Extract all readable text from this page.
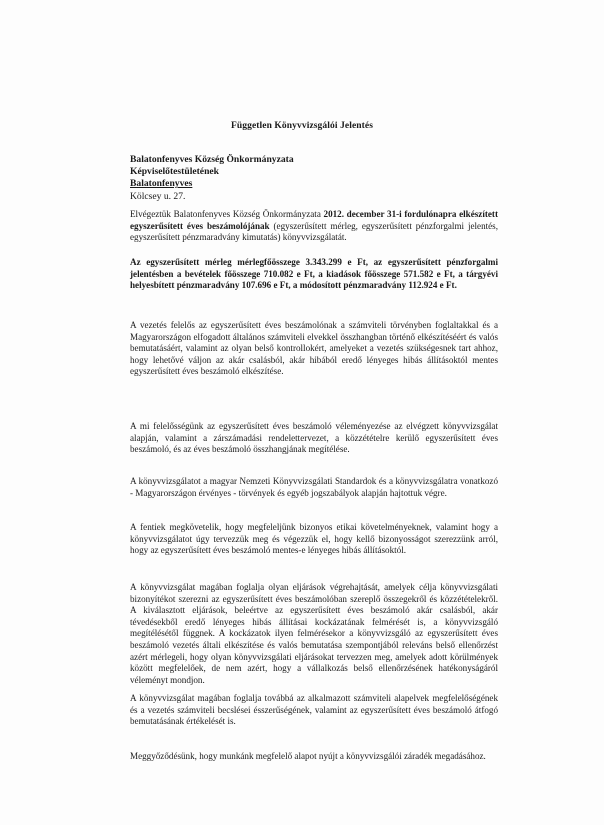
Független Könyvvizsgálói Jelentés
Balatonfenyves Község Önkormányzata
Képviselőtestületének
Balatonfenyves
Kölcsey u. 27.

Elvégeztük Balatonfenyves Község Önkormányzata 2012. december 31-i fordulónapra elkészített egyszerűsített éves beszámolójának (egyszerűsített mérleg, egyszerűsített pénzforgalmi jelentés, egyszerűsített pénzmaradvány kimutatás) könyvvizsgálatát.

Az egyszerűsített mérleg mérlegfőösszege 3.343.299 e Ft, az egyszerűsített pénzforgalmi jelentésben a bevételek főösszege 710.082 e Ft, a kiadások főösszege 571.582 e Ft, a tárgyévi helyesbített pénzmaradvány 107.696 e Ft, a módosított pénzmaradvány 112.924 e Ft.

A vezetés felelős az egyszerűsített éves beszámolónak a számviteli törvényben foglaltakkal és a Magyarországon elfogadott általános számviteli elvekkel összhangban történő elkészítéséért és valós bemutatásáért, valamint az olyan belső kontrollokért, amelyeket a vezetés szükségesnek tart ahhoz, hogy lehetővé váljon az akár csalásból, akár hibából eredő lényeges hibás állításoktól mentes egyszerűsített éves beszámoló elkészítése.

A mi felelősségünk az egyszerűsített éves beszámoló véleményezése az elvégzett könyvvizsgálat alapján, valamint a zárszámadási rendelettervezet, a közzétételre kerülő egyszerűsített éves beszámoló, és az éves beszámoló összhangjának megítélése.

A könyvvizsgálatot a magyar Nemzeti Könyvvizsgálati Standardok és a könyvvizsgálatra vonatkozó - Magyarországon érvényes - törvények és egyéb jogszabályok alapján hajtottuk végre.

A fentiek megkövetelik, hogy megfeleljünk bizonyos etikai követelményeknek, valamint hogy a könyvvizsgálatot úgy tervezzük meg és végezzük el, hogy kellő bizonyosságot szerezzünk arról, hogy az egyszerűsített éves beszámoló mentes-e lényeges hibás állításoktól.

A könyvvizsgálat magában foglalja olyan eljárások végrehajtását, amelyek célja könyvvizsgálati bizonyítékot szerezni az egyszerűsített éves beszámolóban szereplő összegekről és közzétételekről. A kiválasztott eljárások, beleértve az egyszerűsített éves beszámoló akár csalásból, akár tévedésekből eredő lényeges hibás állításai kockázatának felmérését is, a könyvvizsgáló megítélésétől függnek. A kockázatok ilyen felmérésekor a könyvvizsgáló az egyszerűsített éves beszámoló vezetés általi elkészítése és valós bemutatása szempontjából releváns belső ellenőrzést azért mérlegeli, hogy olyan könyvvizsgálati eljárásokat tervezzen meg, amelyek adott körülmények között megfelelőek, de nem azért, hogy a vállalkozás belső ellenőrzésének hatékonyságáról véleményt mondjon.

A könyvvizsgálat magában foglalja továbbá az alkalmazott számviteli alapelvek megfelelőségének és a vezetés számviteli becslései ésszerűségének, valamint az egyszerűsített éves beszámoló átfogó bemutatásának értékelését is.

Meggyőződésünk, hogy munkánk megfelelő alapot nyújt a könyvvizsgálói záradék megadásához.
